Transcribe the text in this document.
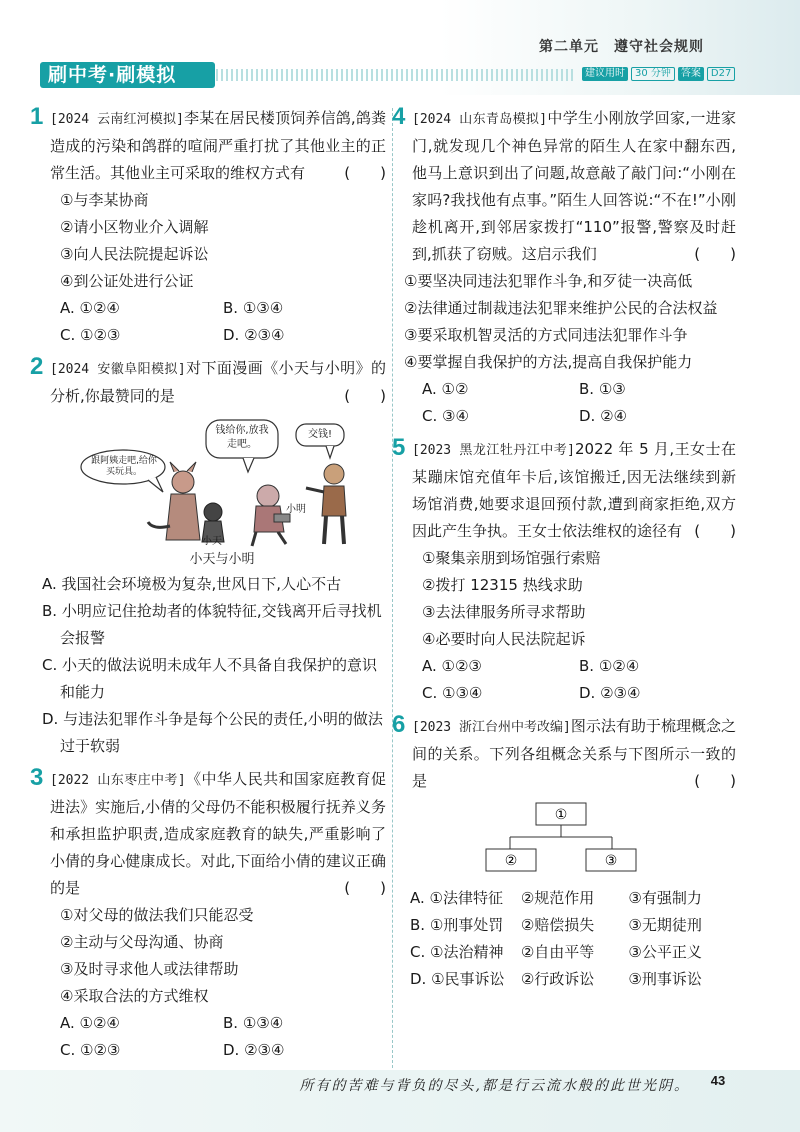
第二单元　遵守社会规则
刷中考·刷模拟	建议用时	30 分钟	答案	D27
1 [2024 云南红河模拟]李某在居民楼顶饲养信鸽,鸽粪造成的污染和鸽群的喧闹严重打扰了其他业主的正常生活。其他业主可采取的维权方式有	(　　)
①与李某协商
②请小区物业介入调解
③向人民法院提起诉讼
④到公证处进行公证
A. ①②④	B. ①③④
C. ①②③	D. ②③④
2 [2024 安徽阜阳模拟]对下面漫画《小天与小明》的分析,你最赞同的是	(　　)
跟阿姨走吧,给你买玩具。
钱给你,放我走吧。
交钱!
小天
小明
小天与小明
A. 我国社会环境极为复杂,世风日下,人心不古
B. 小明应记住抢劫者的体貌特征,交钱离开后寻找机会报警
C. 小天的做法说明未成年人不具备自我保护的意识和能力
D. 与违法犯罪作斗争是每个公民的责任,小明的做法过于软弱
3 [2022 山东枣庄中考]《中华人民共和国家庭教育促进法》实施后,小倩的父母仍不能积极履行抚养义务和承担监护职责,造成家庭教育的缺失,严重影响了小倩的身心健康成长。对此,下面给小倩的建议正确的是	(　　)
①对父母的做法我们只能忍受
②主动与父母沟通、协商
③及时寻求他人或法律帮助
④采取合法的方式维权
A. ①②④	B. ①③④
C. ①②③	D. ②③④
4 [2024 山东青岛模拟]中学生小刚放学回家,一进家门,就发现几个神色异常的陌生人在家中翻东西,他马上意识到出了问题,故意敲了敲门问:“小刚在家吗?我找他有点事。”陌生人回答说:“不在!”小刚趁机离开,到邻居家拨打“110”报警,警察及时赶到,抓获了窃贼。这启示我们	(　　)
①要坚决同违法犯罪作斗争,和歹徒一决高低
②法律通过制裁违法犯罪来维护公民的合法权益
③要采取机智灵活的方式同违法犯罪作斗争
④要掌握自我保护的方法,提高自我保护能力
A. ①②	B. ①③
C. ③④	D. ②④
5 [2023 黑龙江牡丹江中考]2022 年 5 月,王女士在某蹦床馆充值年卡后,该馆搬迁,因无法继续到新场馆消费,她要求退回预付款,遭到商家拒绝,双方因此产生争执。王女士依法维权的途径有 (　　)
①聚集亲朋到场馆强行索赔
②拨打 12315 热线求助
③去法律服务所寻求帮助
④必要时向人民法院起诉
A. ①②③	B. ①②④
C. ①③④	D. ②③④
6 [2023 浙江台州中考改编]图示法有助于梳理概念之间的关系。下列各组概念关系与下图所示一致的是	(　　)
①
②	③
A. ①法律特征	②规范作用	③有强制力
B. ①刑事处罚	②赔偿损失	③无期徒刑
C. ①法治精神	②自由平等	③公平正义
D. ①民事诉讼	②行政诉讼	③刑事诉讼
所有的苦难与背负的尽头,都是行云流水般的此世光阴。	43
